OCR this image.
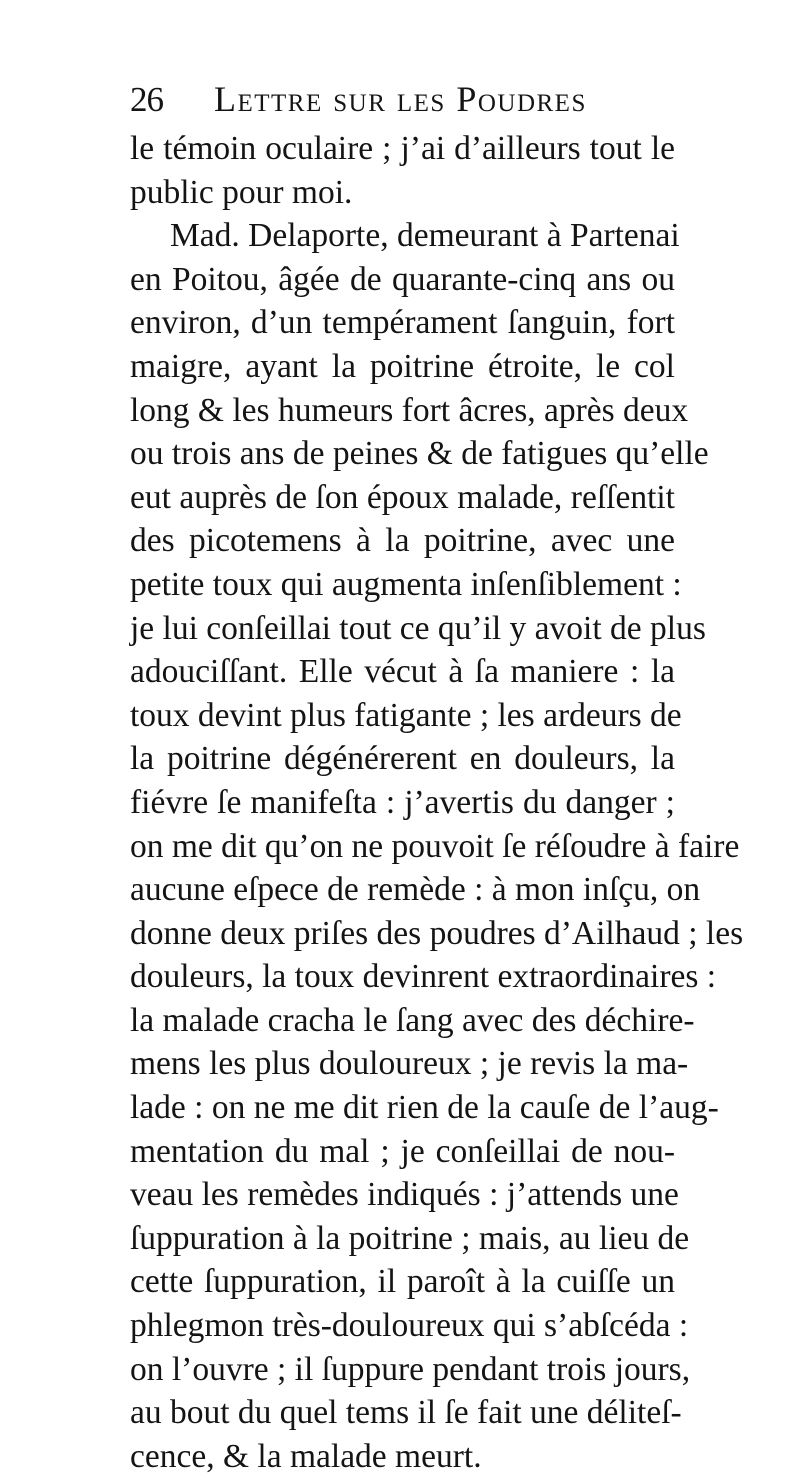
26 Lettre sur les Poudres
le témoin oculaire ; j’ai d’ailleurs tout le
public pour moi.
Mad. Delaporte, demeurant à Partenai
en Poitou, âgée de quarante-cinq ans ou
environ, d’un tempérament ſanguin, fort
maigre, ayant la poitrine étroite, le col
long & les humeurs fort âcres, après deux
ou trois ans de peines & de fatigues qu’elle
eut auprès de ſon époux malade, reſſentit
des picotemens à la poitrine, avec une
petite toux qui augmenta inſenſiblement :
je lui conſeillai tout ce qu’il y avoit de plus
adouciſſant. Elle vécut à ſa maniere : la
toux devint plus fatigante ; les ardeurs de
la poitrine dégénérerent en douleurs, la
fiévre ſe manifeſta : j’avertis du danger ;
on me dit qu’on ne pouvoit ſe réſoudre à faire
aucune eſpece de remède : à mon inſçu, on
donne deux priſes des poudres d’Ailhaud ; les
douleurs, la toux devinrent extraordinaires :
la malade cracha le ſang avec des déchire-
mens les plus douloureux ; je revis la ma-
lade : on ne me dit rien de la cauſe de l’aug-
mentation du mal ; je conſeillai de nou-
veau les remèdes indiqués : j’attends une
ſuppuration à la poitrine ; mais, au lieu de
cette ſuppuration, il paroît à la cuiſſe un
phlegmon très-douloureux qui s’abſcéda :
on l’ouvre ; il ſuppure pendant trois jours,
au bout du quel tems il ſe fait une déliteſ-
cence, & la malade meurt.
